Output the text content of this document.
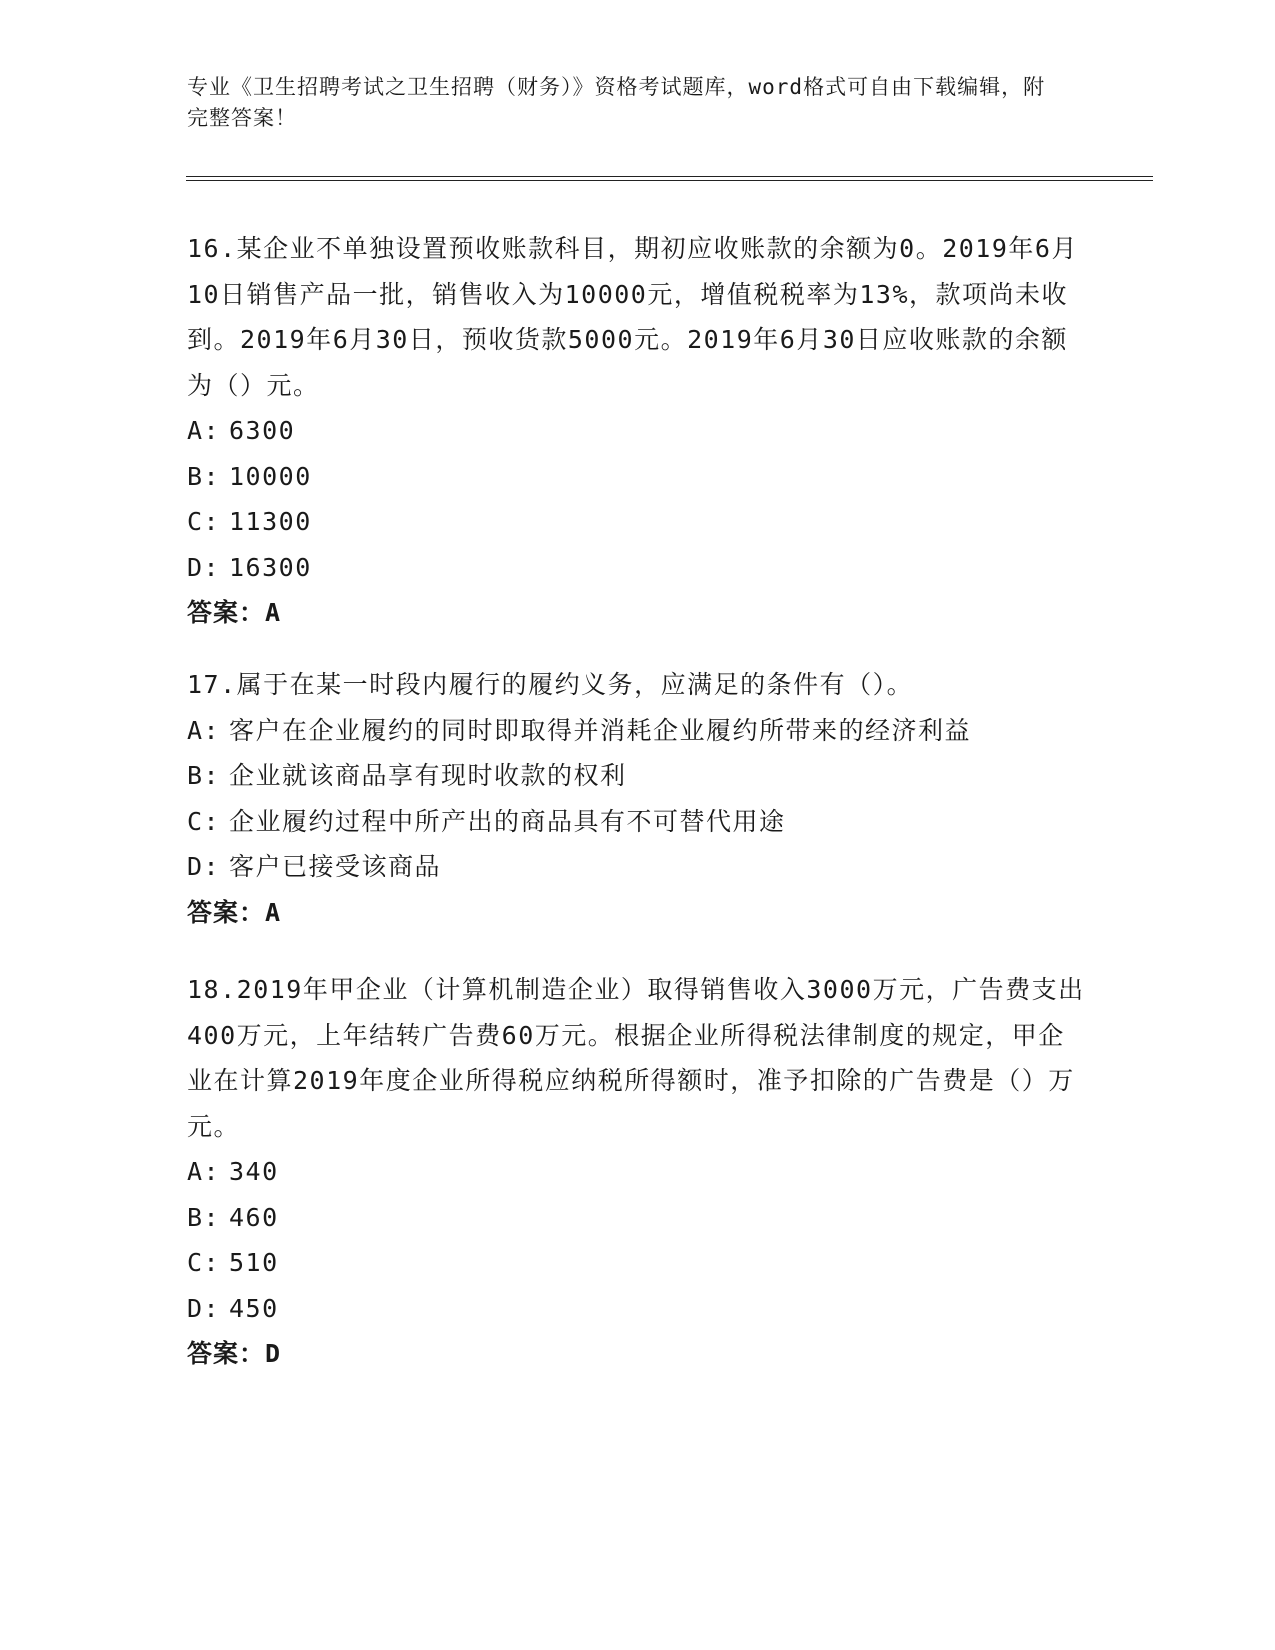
专业《卫生招聘考试之卫生招聘（财务）》资格考试题库，word格式可自由下载编辑，附完整答案！

16.某企业不单独设置预收账款科目，期初应收账款的余额为0。2019年6月10日销售产品一批，销售收入为10000元，增值税税率为13%，款项尚未收到。2019年6月30日，预收货款5000元。2019年6月30日应收账款的余额为（）元。

A: 6300

B: 10000

C: 11300

D: 16300

答案：A

17.属于在某一时段内履行的履约义务，应满足的条件有（）。

A: 客户在企业履约的同时即取得并消耗企业履约所带来的经济利益

B: 企业就该商品享有现时收款的权利

C: 企业履约过程中所产出的商品具有不可替代用途

D: 客户已接受该商品

答案：A

18.2019年甲企业（计算机制造企业）取得销售收入3000万元，广告费支出400万元，上年结转广告费60万元。根据企业所得税法律制度的规定，甲企业在计算2019年度企业所得税应纳税所得额时，准予扣除的广告费是（）万元。

A: 340

B: 460

C: 510

D: 450

答案：D
